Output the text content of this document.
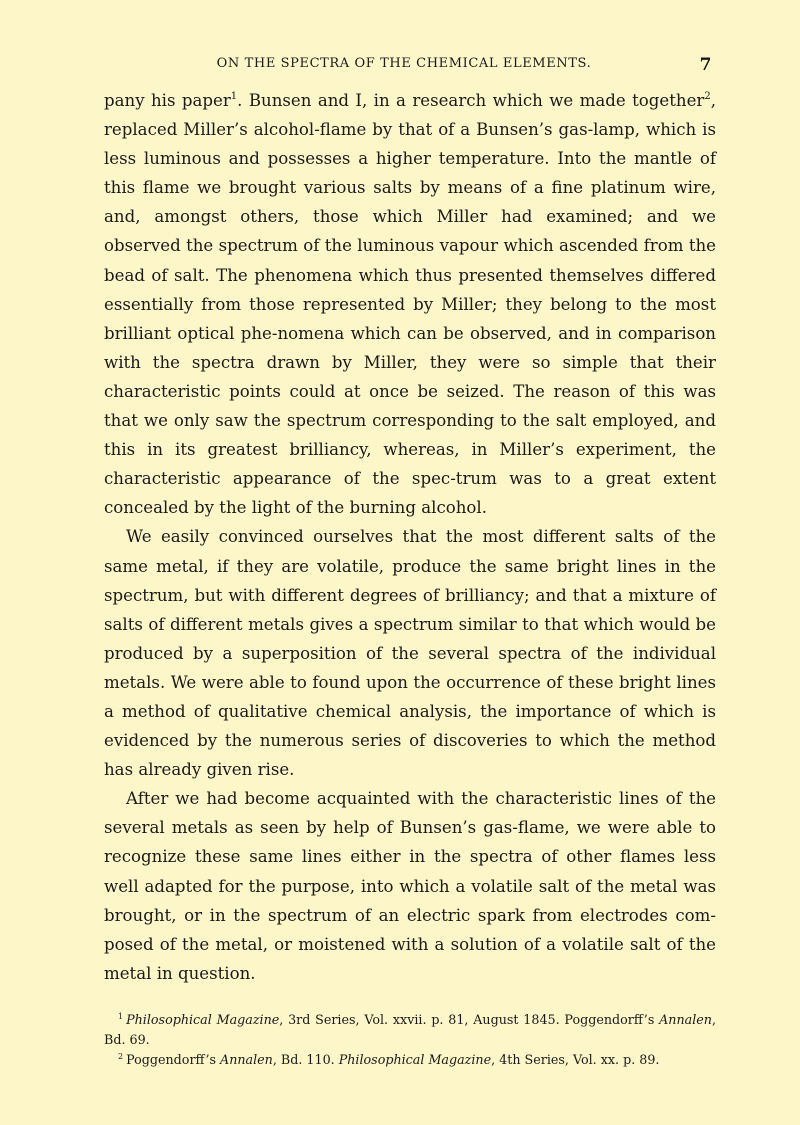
ON THE SPECTRA OF THE CHEMICAL ELEMENTS.	7

pany his paper$^1$. Bunsen and I, in a research which we made together$^2$, replaced Miller’s alcohol-flame by that of a Bunsen’s gas-lamp, which is less luminous and possesses a higher temperature. Into the mantle of this flame we brought various salts by means of a fine platinum wire, and, amongst others, those which Miller had examined; and we observed the spectrum of the luminous vapour which ascended from the bead of salt. The phenomena which thus presented themselves differed essentially from those represented by Miller; they belong to the most brilliant optical phe-nomena which can be observed, and in comparison with the spectra drawn by Miller, they were so simple that their characteristic points could at once be seized. The reason of this was that we only saw the spectrum corresponding to the salt employed, and this in its greatest brilliancy, whereas, in Miller’s experiment, the characteristic appearance of the spec-trum was to a great extent concealed by the light of the burning alcohol.

We easily convinced ourselves that the most different salts of the same metal, if they are volatile, produce the same bright lines in the spectrum, but with different degrees of brilliancy; and that a mixture of salts of different metals gives a spectrum similar to that which would be produced by a superposition of the several spectra of the individual metals. We were able to found upon the occurrence of these bright lines a method of qualitative chemical analysis, the importance of which is evidenced by the numerous series of discoveries to which the method has already given rise.

After we had become acquainted with the characteristic lines of the several metals as seen by help of Bunsen’s gas-flame, we were able to recognize these same lines either in the spectra of other flames less well adapted for the purpose, into which a volatile salt of the metal was brought, or in the spectrum of an electric spark from electrodes com-posed of the metal, or moistened with a solution of a volatile salt of the metal in question.

$^1$ Philosophical Magazine, 3rd Series, Vol. xxvii. p. 81, August 1845. Poggendorff’s Annalen, Bd. 69.

$^2$ Poggendorff’s Annalen, Bd. 110. Philosophical Magazine, 4th Series, Vol. xx. p. 89.
